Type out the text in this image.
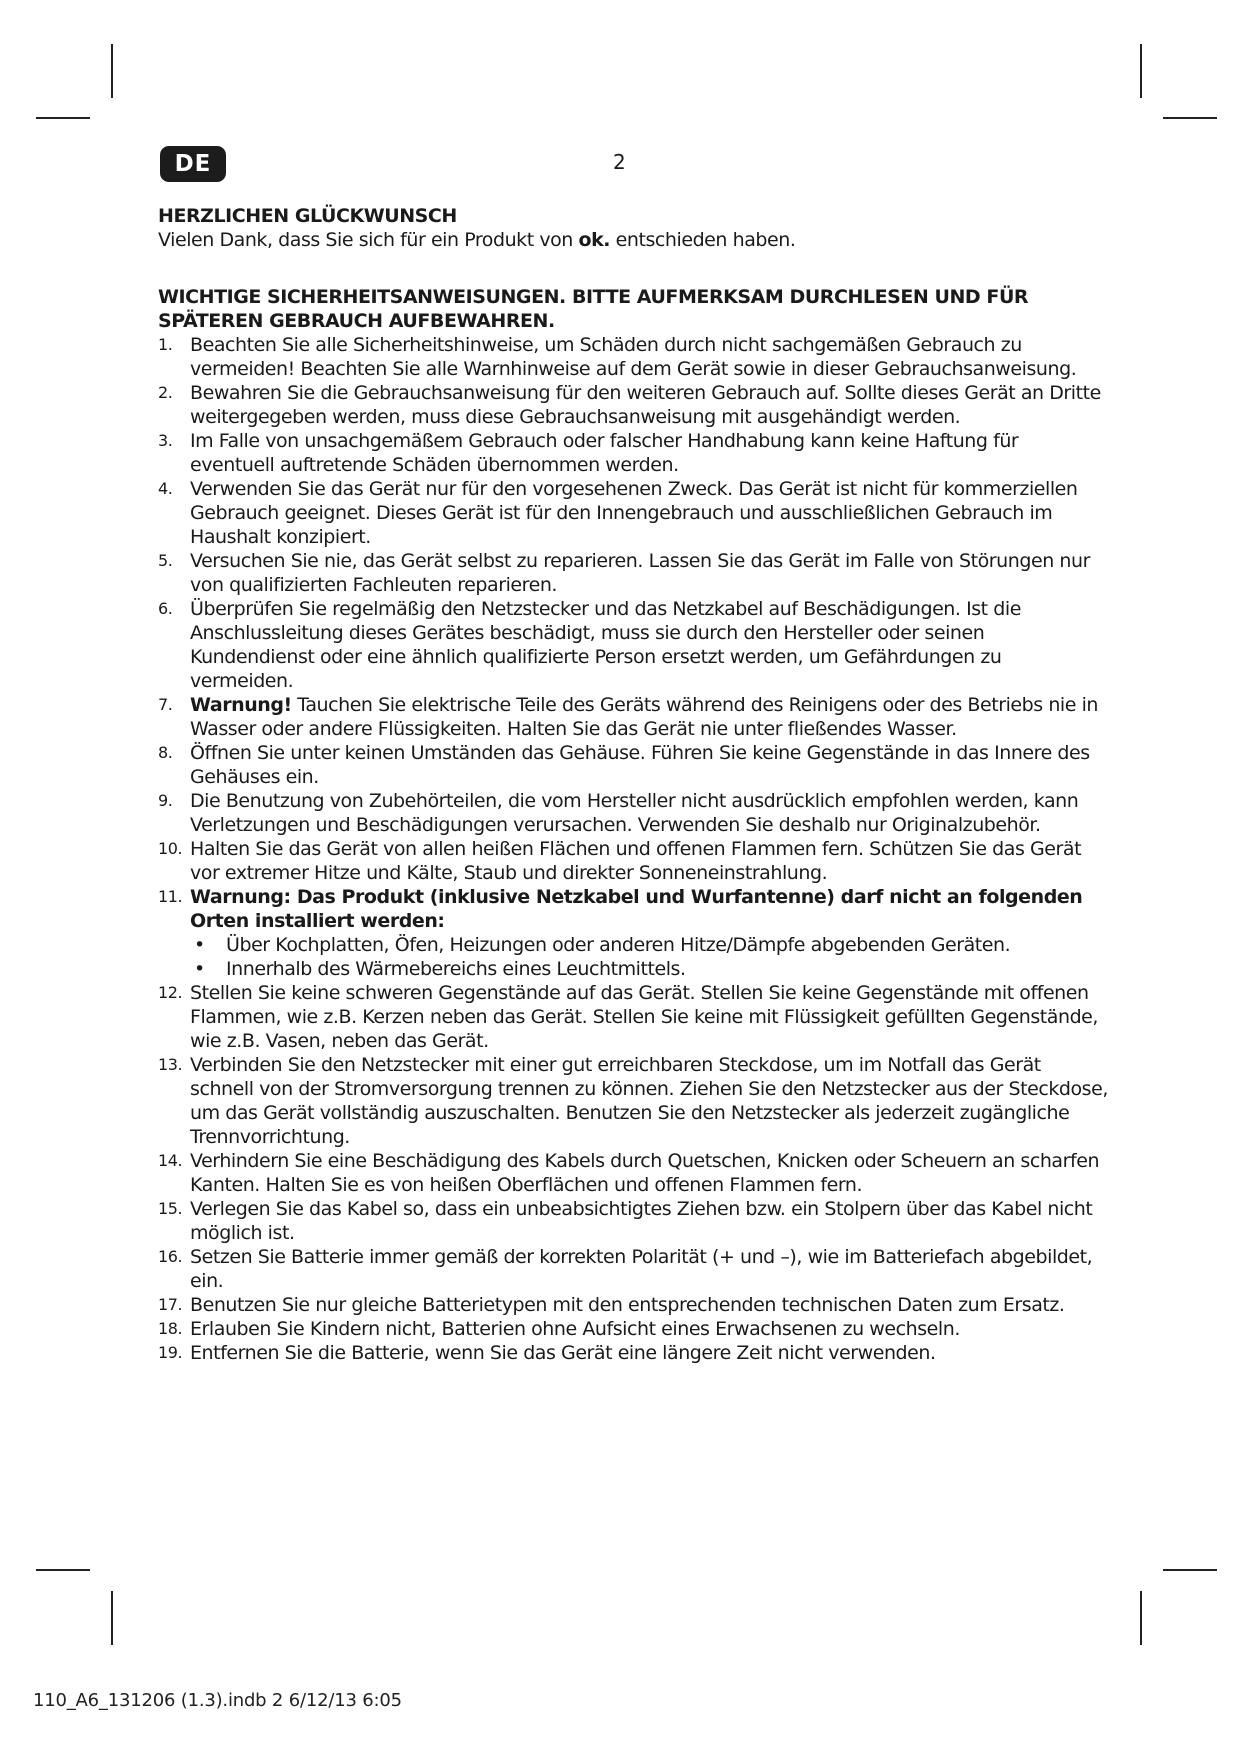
DE	2

HERZLICHEN GLÜCKWUNSCH

Vielen Dank, dass Sie sich für ein Produkt von ok. entschieden haben.

WICHTIGE SICHERHEITSANWEISUNGEN. BITTE AUFMERKSAM DURCHLESEN UND FÜR SPÄTEREN GEBRAUCH AUFBEWAHREN.

1. Beachten Sie alle Sicherheitshinweise, um Schäden durch nicht sachgemäßen Gebrauch zu vermeiden! Beachten Sie alle Warnhinweise auf dem Gerät sowie in dieser Gebrauchsanweisung.
2. Bewahren Sie die Gebrauchsanweisung für den weiteren Gebrauch auf. Sollte dieses Gerät an Dritte weitergegeben werden, muss diese Gebrauchsanweisung mit ausgehändigt werden.
3. Im Falle von unsachgemäßem Gebrauch oder falscher Handhabung kann keine Haftung für eventuell auftretende Schäden übernommen werden.
4. Verwenden Sie das Gerät nur für den vorgesehenen Zweck. Das Gerät ist nicht für kommerziellen Gebrauch geeignet. Dieses Gerät ist für den Innengebrauch und ausschließlichen Gebrauch im Haushalt konzipiert.
5. Versuchen Sie nie, das Gerät selbst zu reparieren. Lassen Sie das Gerät im Falle von Störungen nur von qualifizierten Fachleuten reparieren.
6. Überprüfen Sie regelmäßig den Netzstecker und das Netzkabel auf Beschädigungen. Ist die Anschlussleitung dieses Gerätes beschädigt, muss sie durch den Hersteller oder seinen Kundendienst oder eine ähnlich qualifizierte Person ersetzt werden, um Gefährdungen zu vermeiden.
7. Warnung! Tauchen Sie elektrische Teile des Geräts während des Reinigens oder des Betriebs nie in Wasser oder andere Flüssigkeiten. Halten Sie das Gerät nie unter fließendes Wasser.
8. Öffnen Sie unter keinen Umständen das Gehäuse. Führen Sie keine Gegenstände in das Innere des Gehäuses ein.
9. Die Benutzung von Zubehörteilen, die vom Hersteller nicht ausdrücklich empfohlen werden, kann Verletzungen und Beschädigungen verursachen. Verwenden Sie deshalb nur Originalzubehör.
10. Halten Sie das Gerät von allen heißen Flächen und offenen Flammen fern. Schützen Sie das Gerät vor extremer Hitze und Kälte, Staub und direkter Sonneneinstrahlung.
11. Warnung: Das Produkt (inklusive Netzkabel und Wurfantenne) darf nicht an folgenden Orten installiert werden:
• Über Kochplatten, Öfen, Heizungen oder anderen Hitze/Dämpfe abgebenden Geräten.
• Innerhalb des Wärmebereichs eines Leuchtmittels.
12. Stellen Sie keine schweren Gegenstände auf das Gerät. Stellen Sie keine Gegenstände mit offenen Flammen, wie z.B. Kerzen neben das Gerät. Stellen Sie keine mit Flüssigkeit gefüllten Gegenstände, wie z.B. Vasen, neben das Gerät.
13. Verbinden Sie den Netzstecker mit einer gut erreichbaren Steckdose, um im Notfall das Gerät schnell von der Stromversorgung trennen zu können. Ziehen Sie den Netzstecker aus der Steckdose, um das Gerät vollständig auszuschalten. Benutzen Sie den Netzstecker als jederzeit zugängliche Trennvorrichtung.
14. Verhindern Sie eine Beschädigung des Kabels durch Quetschen, Knicken oder Scheuern an scharfen Kanten. Halten Sie es von heißen Oberflächen und offenen Flammen fern.
15. Verlegen Sie das Kabel so, dass ein unbeabsichtigtes Ziehen bzw. ein Stolpern über das Kabel nicht möglich ist.
16. Setzen Sie Batterie immer gemäß der korrekten Polarität (+ und –), wie im Batteriefach abgebildet, ein.
17. Benutzen Sie nur gleiche Batterietypen mit den entsprechenden technischen Daten zum Ersatz.
18. Erlauben Sie Kindern nicht, Batterien ohne Aufsicht eines Erwachsenen zu wechseln.
19. Entfernen Sie die Batterie, wenn Sie das Gerät eine längere Zeit nicht verwenden.
110_A6_131206 (1.3).indb 2 6/12/13 6:05
